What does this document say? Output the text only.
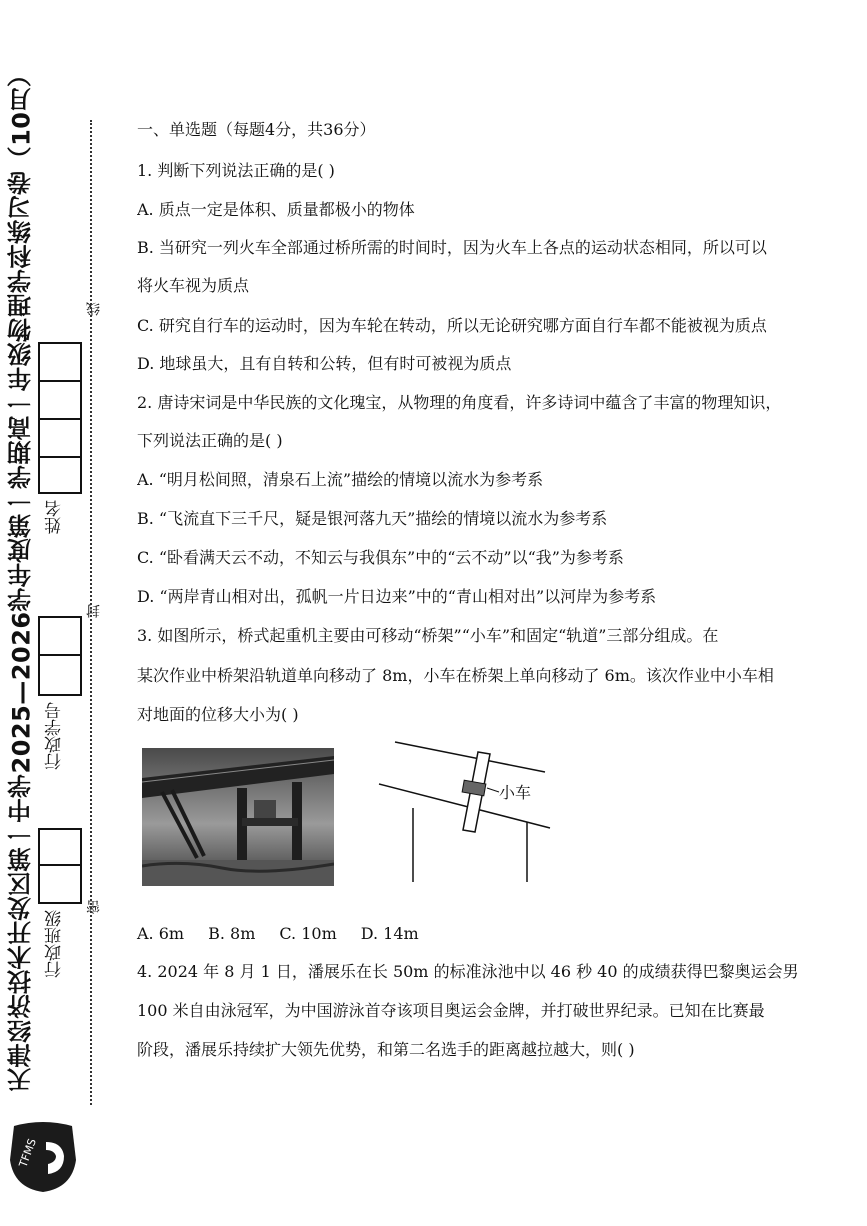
天津经济技术开发区第一中学2025—2026学年度第一学期高一年级物理学科练习卷（10月） 姓名
行政学号
行政班级
线
封
密
TFMS
一、单选题（每题4分，共36分）
1. 判断下列说法正确的是( )
A. 质点一定是体积、质量都极小的物体
B. 当研究一列火车全部通过桥所需的时间时，因为火车上各点的运动状态相同，所以可以
将火车视为质点
C. 研究自行车的运动时，因为车轮在转动，所以无论研究哪方面自行车都不能被视为质点
D. 地球虽大，且有自转和公转，但有时可被视为质点
2. 唐诗宋词是中华民族的文化瑰宝，从物理的角度看，许多诗词中蕴含了丰富的物理知识，
下列说法正确的是( )
A. “明月松间照，清泉石上流”描绘的情境以流水为参考系
B. “飞流直下三千尺，疑是银河落九天”描绘的情境以流水为参考系
C. “卧看满天云不动，不知云与我俱东”中的“云不动”以“我”为参考系
D. “两岸青山相对出，孤帆一片日边来”中的“青山相对出”以河岸为参考系
3. 如图所示，桥式起重机主要由可移动“桥架”“小车”和固定“轨道”三部分组成。在
某次作业中桥架沿轨道单向移动了 8m，小车在桥架上单向移动了 6m。该次作业中小车相
对地面的位移大小为( )
小车
A. 6m B. 8m C. 10m D. 14m
4. 2024 年 8 月 1 日，潘展乐在长 50m 的标准泳池中以 46 秒 40 的成绩获得巴黎奥运会男
100 米自由泳冠军，为中国游泳首夺该项目奥运会金牌，并打破世界纪录。已知在比赛最
阶段，潘展乐持续扩大领先优势，和第二名选手的距离越拉越大，则( )
